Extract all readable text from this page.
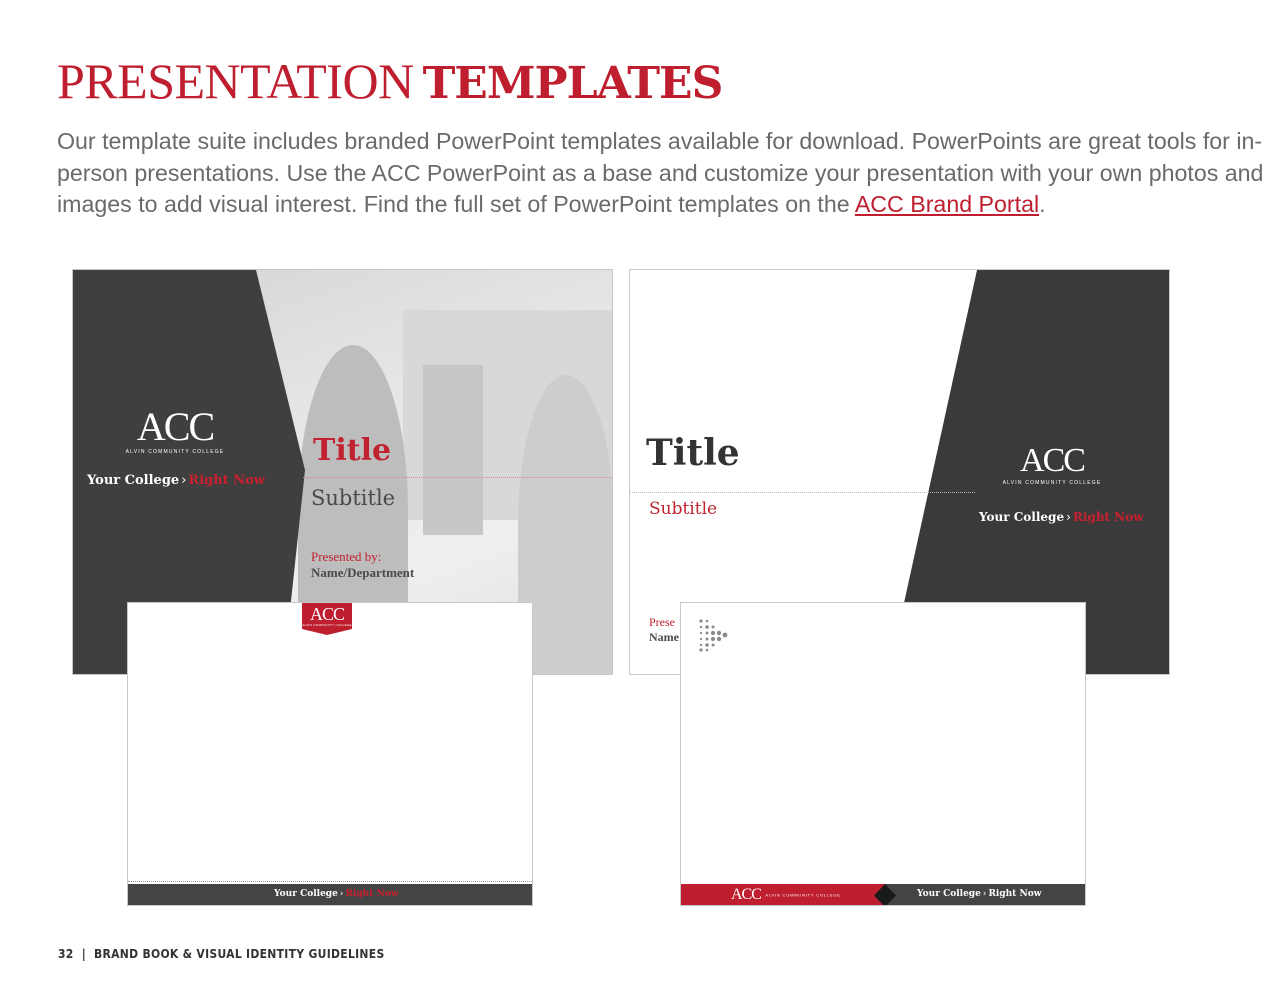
PRESENTATION TEMPLATES

Our template suite includes branded PowerPoint templates available for download. PowerPoints are great tools for in-person presentations. Use the ACC PowerPoint as a base and customize your presentation with your own photos and images to add visual interest. Find the full set of PowerPoint templates on the ACC Brand Portal.

ACC
ALVIN COMMUNITY COLLEGE
Your College › Right Now
Title
Subtitle
Presented by:
Name/Department
Title
Subtitle
Prese
Name
ACC
ALVIN COMMUNITY COLLEGE
Your College › Right Now
ACC
ALVIN COMMUNITY COLLEGE
Your College › Right Now	ACC ALVIN COMMUNITY COLLEGE	Your College › Right Now
32 | BRAND BOOK & VISUAL IDENTITY GUIDELINES
